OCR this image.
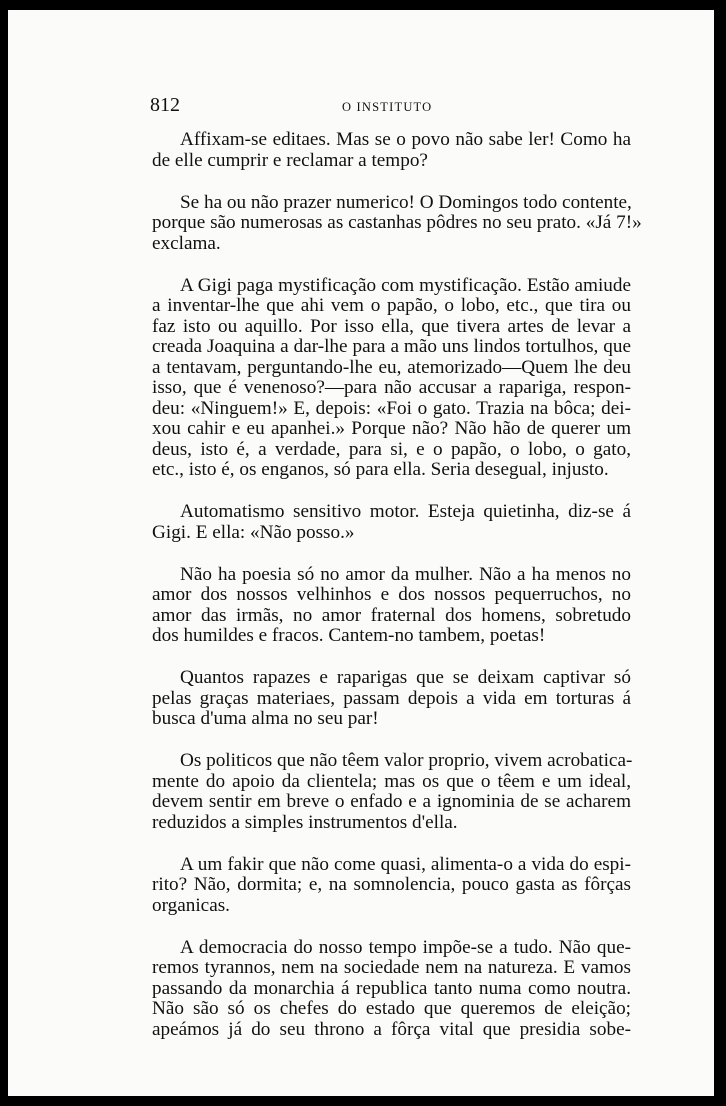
812	O INSTITUTO
Affixam-se editaes. Mas se o povo não sabe ler! Como ha
de elle cumprir e reclamar a tempo?
Se ha ou não prazer numerico! O Domingos todo contente,
porque são numerosas as castanhas pôdres no seu prato. «Já 7!»
exclama.
A Gigi paga mystificação com mystificação. Estão amiude
a inventar-lhe que ahi vem o papão, o lobo, etc., que tira ou
faz isto ou aquillo. Por isso ella, que tivera artes de levar a
creada Joaquina a dar-lhe para a mão uns lindos tortulhos, que
a tentavam, perguntando-lhe eu, atemorizado—Quem lhe deu
isso, que é venenoso?—para não accusar a rapariga, respon-
deu: «Ninguem!» E, depois: «Foi o gato. Trazia na bôca; dei-
xou cahir e eu apanhei.» Porque não? Não hão de querer um
deus, isto é, a verdade, para si, e o papão, o lobo, o gato,
etc., isto é, os enganos, só para ella. Seria desegual, injusto.
Automatismo sensitivo motor. Esteja quietinha, diz-se á
Gigi. E ella: «Não posso.»
Não ha poesia só no amor da mulher. Não a ha menos no
amor dos nossos velhinhos e dos nossos pequerruchos, no
amor das irmãs, no amor fraternal dos homens, sobretudo
dos humildes e fracos. Cantem-no tambem, poetas!
Quantos rapazes e raparigas que se deixam captivar só
pelas graças materiaes, passam depois a vida em torturas á
busca d'uma alma no seu par!
Os politicos que não têem valor proprio, vivem acrobatica-
mente do apoio da clientela; mas os que o têem e um ideal,
devem sentir em breve o enfado e a ignominia de se acharem
reduzidos a simples instrumentos d'ella.
A um fakir que não come quasi, alimenta-o a vida do espi-
rito? Não, dormita; e, na somnolencia, pouco gasta as fôrças
organicas.
A democracia do nosso tempo impõe-se a tudo. Não que-
remos tyrannos, nem na sociedade nem na natureza. E vamos
passando da monarchia á republica tanto numa como noutra.
Não são só os chefes do estado que queremos de eleição;
apeámos já do seu throno a fôrça vital que presidia sobe-
